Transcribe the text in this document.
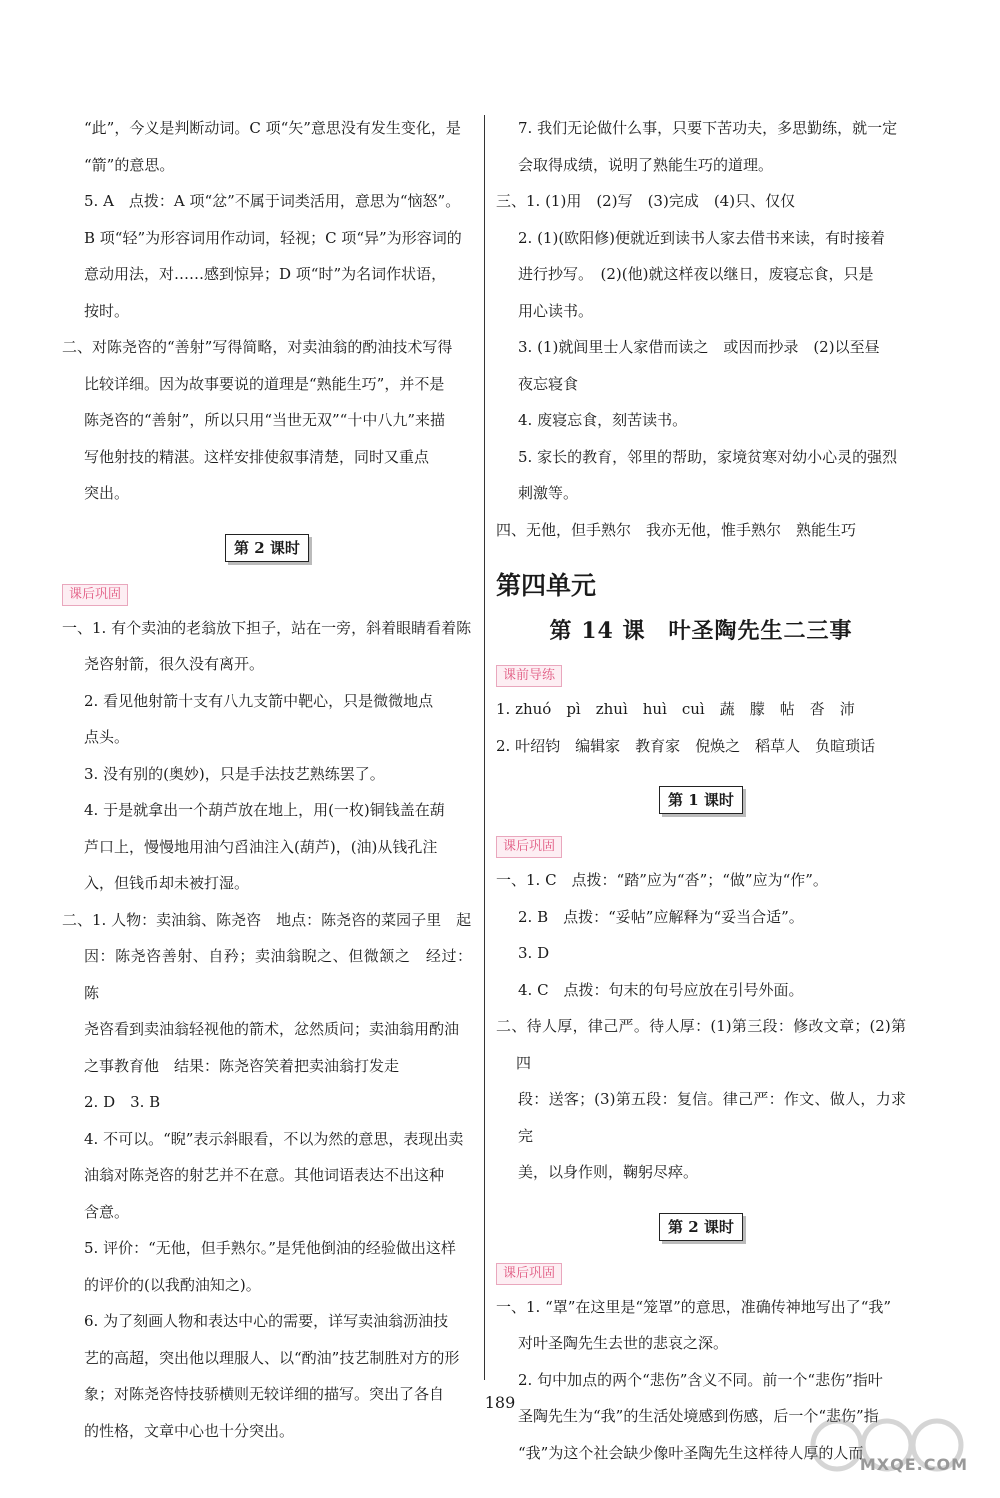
“此”，今义是判断动词。C 项“矢”意思没有发生变化，是

“箭”的意思。

5. A　点拨：A 项“忿”不属于词类活用，意思为“恼怒”。

B 项“轻”为形容词用作动词，轻视；C 项“异”为形容词的

意动用法，对……感到惊异；D 项“时”为名词作状语，

按时。

二、对陈尧咨的“善射”写得简略，对卖油翁的酌油技术写得

比较详细。因为故事要说的道理是“熟能生巧”，并不是

陈尧咨的“善射”，所以只用“当世无双”“十中八九”来描

写他射技的精湛。这样安排使叙事清楚，同时又重点

突出。

第 2 课时
课后巩固

一、1. 有个卖油的老翁放下担子，站在一旁，斜着眼睛看着陈

尧咨射箭，很久没有离开。

2. 看见他射箭十支有八九支箭中靶心，只是微微地点

点头。

3. 没有别的(奥妙)，只是手法技艺熟练罢了。

4. 于是就拿出一个葫芦放在地上，用(一枚)铜钱盖在葫

芦口上，慢慢地用油勺舀油注入(葫芦)，(油)从钱孔注

入，但钱币却未被打湿。

二、1. 人物：卖油翁、陈尧咨　地点：陈尧咨的菜园子里　起

因：陈尧咨善射、自矜；卖油翁睨之、但微颔之　经过：陈

尧咨看到卖油翁轻视他的箭术，忿然质问；卖油翁用酌油

之事教育他　结果：陈尧咨笑着把卖油翁打发走

2. D　3. B

4. 不可以。“睨”表示斜眼看，不以为然的意思，表现出卖

油翁对陈尧咨的射艺并不在意。其他词语表达不出这种

含意。

5. 评价：“无他，但手熟尔。”是凭他倒油的经验做出这样

的评价的(以我酌油知之)。

6. 为了刻画人物和表达中心的需要，详写卖油翁沥油技

艺的高超，突出他以理服人、以“酌油”技艺制胜对方的形

象；对陈尧咨恃技骄横则无较详细的描写。突出了各自

的性格，文章中心也十分突出。

7. 我们无论做什么事，只要下苦功夫，多思勤练，就一定

会取得成绩，说明了熟能生巧的道理。

三、1. (1)用　(2)写　(3)完成　(4)只、仅仅

2. (1)(欧阳修)便就近到读书人家去借书来读，有时接着

进行抄写。　(2)(他)就这样夜以继日，废寝忘食，只是

用心读书。

3. (1)就闾里士人家借而读之　或因而抄录　(2)以至昼

夜忘寝食

4. 废寝忘食，刻苦读书。

5. 家长的教育，邻里的帮助，家境贫寒对幼小心灵的强烈

刺激等。

四、无他，但手熟尔　我亦无他，惟手熟尔　熟能生巧

第四单元
第 14 课　叶圣陶先生二三事
课前导练

1. zhuó　pì　zhuì　huì　cuì　蔬　朦　帖　沓　沛

2. 叶绍钧　编辑家　教育家　倪焕之　稻草人　负暄琐话

第 1 课时
课后巩固

一、1. C　点拨：“踏”应为“沓”；“做”应为“作”。

2. B　点拨：“妥帖”应解释为“妥当合适”。

3. D

4. C　点拨：句末的句号应放在引号外面。

二、待人厚，律己严。待人厚：(1)第三段：修改文章；(2)第四

段：送客；(3)第五段：复信。律己严：作文、做人，力求完

美，以身作则，鞠躬尽瘁。

第 2 课时
课后巩固

一、1. “罩”在这里是“笼罩”的意思，准确传神地写出了“我”

对叶圣陶先生去世的悲哀之深。

2. 句中加点的两个“悲伤”含义不同。前一个“悲伤”指叶

圣陶先生为“我”的生活处境感到伤感，后一个“悲伤”指

“我”为这个社会缺少像叶圣陶先生这样待人厚的人而

189
MXQE.COM
